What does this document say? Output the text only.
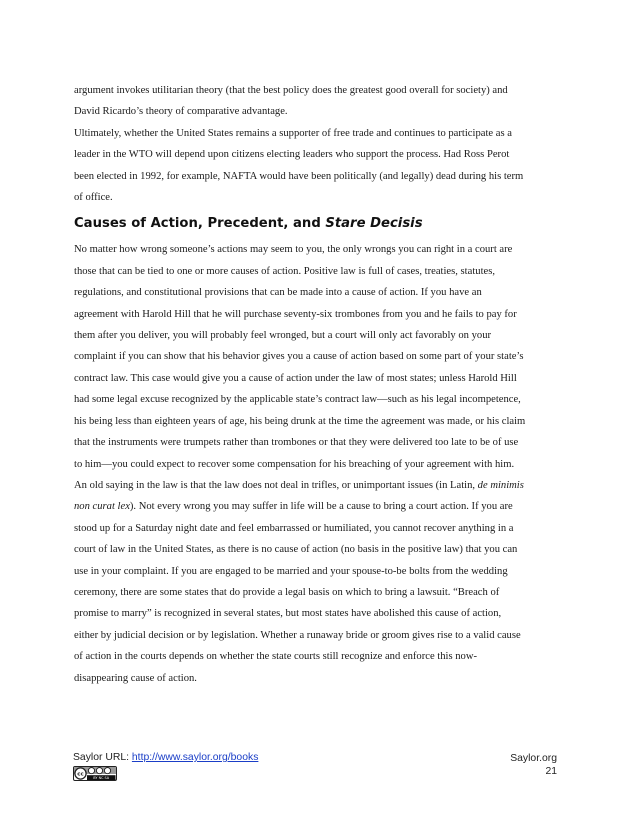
argument invokes utilitarian theory (that the best policy does the greatest good overall for society) and
David Ricardo’s theory of comparative advantage.

Ultimately, whether the United States remains a supporter of free trade and continues to participate as a
leader in the WTO will depend upon citizens electing leaders who support the process. Had Ross Perot
been elected in 1992, for example, NAFTA would have been politically (and legally) dead during his term
of office.

Causes of Action, Precedent, and Stare Decisis

No matter how wrong someone’s actions may seem to you, the only wrongs you can right in a court are
those that can be tied to one or more causes of action. Positive law is full of cases, treaties, statutes,
regulations, and constitutional provisions that can be made into a cause of action. If you have an
agreement with Harold Hill that he will purchase seventy-six trombones from you and he fails to pay for
them after you deliver, you will probably feel wronged, but a court will only act favorably on your
complaint if you can show that his behavior gives you a cause of action based on some part of your state’s
contract law. This case would give you a cause of action under the law of most states; unless Harold Hill
had some legal excuse recognized by the applicable state’s contract law—such as his legal incompetence,
his being less than eighteen years of age, his being drunk at the time the agreement was made, or his claim
that the instruments were trumpets rather than trombones or that they were delivered too late to be of use
to him—you could expect to recover some compensation for his breaching of your agreement with him.

An old saying in the law is that the law does not deal in trifles, or unimportant issues (in Latin, de minimis
non curat lex). Not every wrong you may suffer in life will be a cause to bring a court action. If you are
stood up for a Saturday night date and feel embarrassed or humiliated, you cannot recover anything in a
court of law in the United States, as there is no cause of action (no basis in the positive law) that you can
use in your complaint. If you are engaged to be married and your spouse-to-be bolts from the wedding
ceremony, there are some states that do provide a legal basis on which to bring a lawsuit. “Breach of
promise to marry” is recognized in several states, but most states have abolished this cause of action,
either by judicial decision or by legislation. Whether a runaway bride or groom gives rise to a valid cause
of action in the courts depends on whether the state courts still recognize and enforce this now-
disappearing cause of action.

Saylor URL: http://www.saylor.org/books
cc
BY NC SA
Saylor.org
21
